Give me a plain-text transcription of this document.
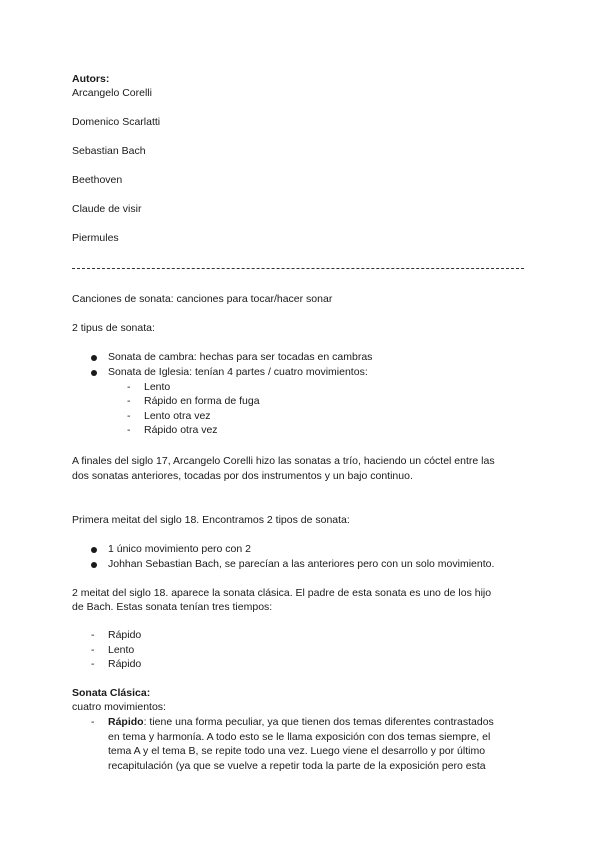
Autors:
Arcangelo Corelli
Domenico Scarlatti
Sebastian Bach
Beethoven
Claude de visir
Piermules
Canciones de sonata: canciones para tocar/hacer sonar
2 tipus de sonata:
Sonata de cambra: hechas para ser tocadas en cambras
Sonata de Iglesia: tenían 4 partes / cuatro movimientos:
- Lento
- Rápido en forma de fuga
- Lento otra vez
- Rápido otra vez
A finales del siglo 17, Arcangelo Corelli hizo las sonatas a trío, haciendo un cóctel entre las
dos sonatas anteriores, tocadas por dos instrumentos y un bajo continuo.
Primera meitat del siglo 18. Encontramos 2 tipos de sonata:
1 único movimiento pero con 2
Johhan Sebastian Bach, se parecían a las anteriores pero con un solo movimiento.
2 meitat del siglo 18. aparece la sonata clásica. El padre de esta sonata es uno de los hijo
de Bach. Estas sonata tenían tres tiempos:
- Rápido
- Lento
- Rápido
Sonata Clásica:
cuatro movimientos:
- Rápido: tiene una forma peculiar, ya que tienen dos temas diferentes contrastados
en tema y harmonía. A todo esto se le llama exposición con dos temas siempre, el
tema A y el tema B, se repite todo una vez. Luego viene el desarrollo y por último
recapitulación (ya que se vuelve a repetir toda la parte de la exposición pero esta
